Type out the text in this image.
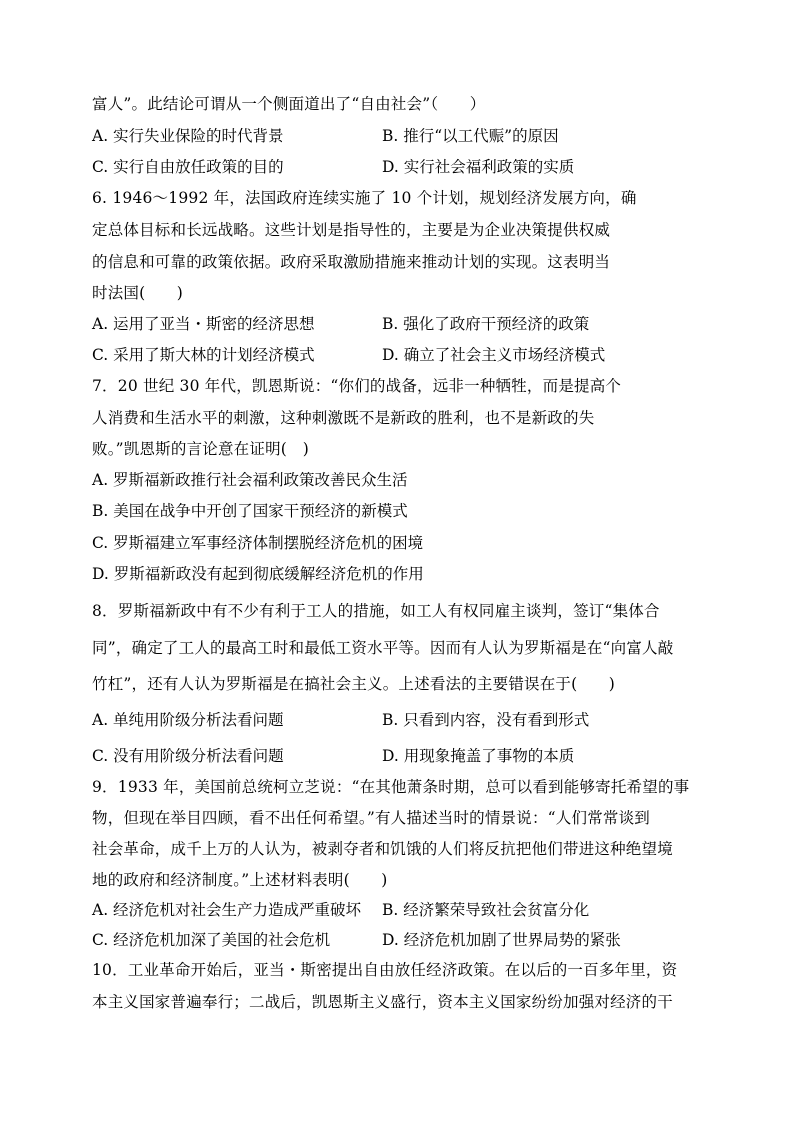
富人”。此结论可谓从一个侧面道出了“自由社会”（　　）
A. 实行失业保险的时代背景	B. 推行“以工代赈”的原因
C. 实行自由放任政策的目的	D. 实行社会福利政策的实质
6. 1946～1992 年，法国政府连续实施了 10 个计划，规划经济发展方向，确
定总体目标和长远战略。这些计划是指导性的，主要是为企业决策提供权威
的信息和可靠的政策依据。政府采取激励措施来推动计划的实现。这表明当
时法国(　　)
A. 运用了亚当・斯密的经济思想	B. 强化了政府干预经济的政策
C. 采用了斯大林的计划经济模式	D. 确立了社会主义市场经济模式
7．20 世纪 30 年代，凯恩斯说：“你们的战备，远非一种牺牲，而是提高个
人消费和生活水平的刺激，这种刺激既不是新政的胜利，也不是新政的失
败。”凯恩斯的言论意在证明(　)
A. 罗斯福新政推行社会福利政策改善民众生活
B. 美国在战争中开创了国家干预经济的新模式
C. 罗斯福建立军事经济体制摆脱经济危机的困境
D. 罗斯福新政没有起到彻底缓解经济危机的作用
8．罗斯福新政中有不少有利于工人的措施，如工人有权同雇主谈判，签订“集体合
同”，确定了工人的最高工时和最低工资水平等。因而有人认为罗斯福是在“向富人敲
竹杠”，还有人认为罗斯福是在搞社会主义。上述看法的主要错误在于(　　)
A. 单纯用阶级分析法看问题	B. 只看到内容，没有看到形式
C. 没有用阶级分析法看问题	D. 用现象掩盖了事物的本质
9．1933 年，美国前总统柯立芝说：“在其他萧条时期，总可以看到能够寄托希望的事
物，但现在举目四顾，看不出任何希望。”有人描述当时的情景说：“人们常常谈到
社会革命，成千上万的人认为，被剥夺者和饥饿的人们将反抗把他们带进这种绝望境
地的政府和经济制度。”上述材料表明(　　)
A. 经济危机对社会生产力造成严重破坏 B. 经济繁荣导致社会贫富分化
C. 经济危机加深了美国的社会危机	D. 经济危机加剧了世界局势的紧张
10．工业革命开始后，亚当・斯密提出自由放任经济政策。在以后的一百多年里，资
本主义国家普遍奉行；二战后，凯恩斯主义盛行，资本主义国家纷纷加强对经济的干
